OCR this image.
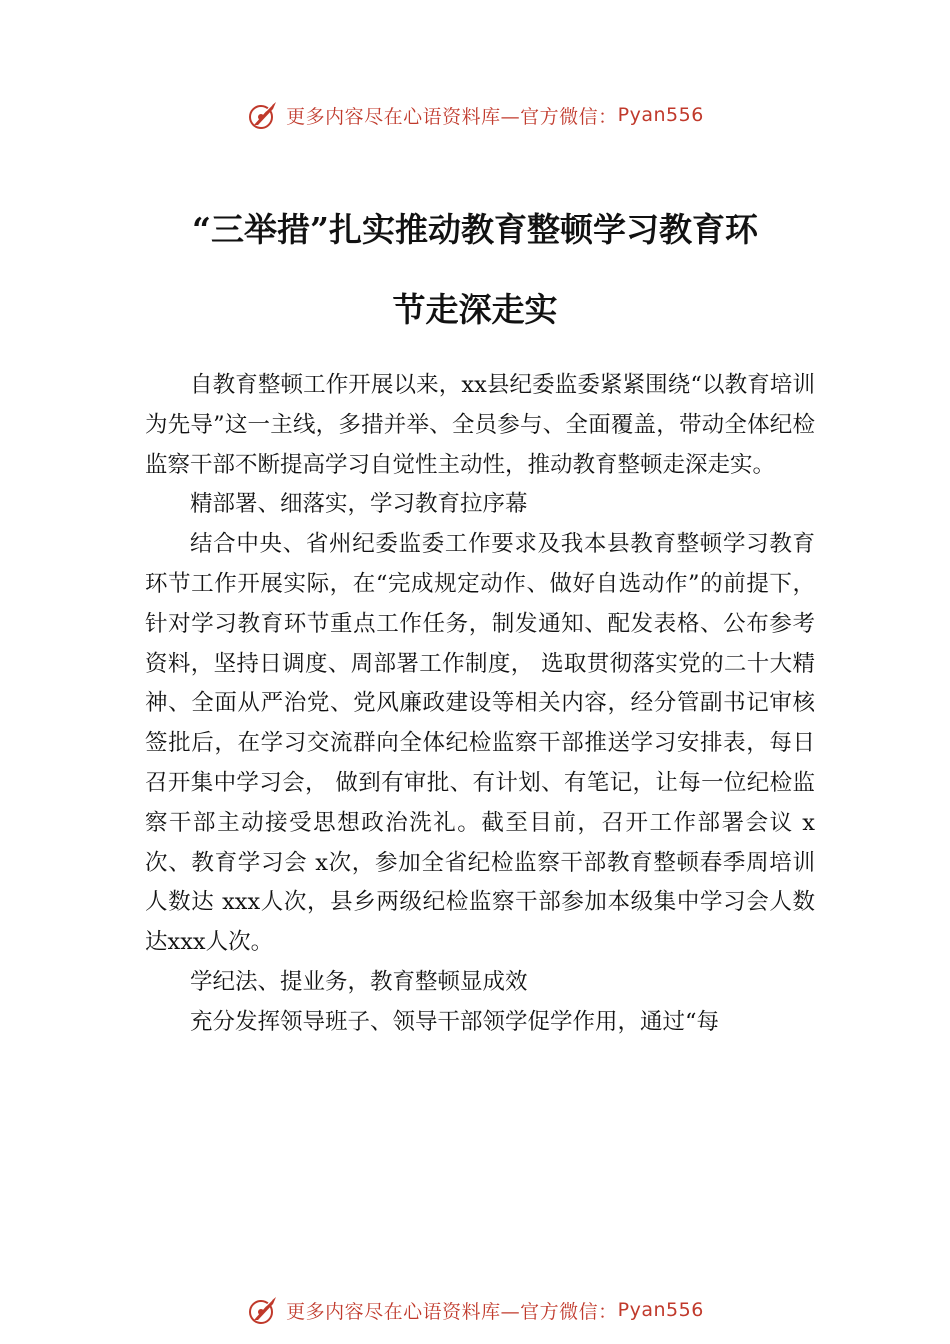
更多内容尽在心语资料库—官方微信： Pyan556
“三举措”扎实推动教育整顿学习教育环
节走深走实

自教育整顿工作开展以来，xx县纪委监委紧紧围绕“以教育培训为先导”这一主线，多措并举、全员参与、全面覆盖，带动全体纪检监察干部不断提高学习自觉性主动性，推动教育整顿走深走实。

精部署、细落实，学习教育拉序幕

结合中央、省州纪委监委工作要求及我本县教育整顿学习教育环节工作开展实际，在“完成规定动作、做好自选动作”的前提下，针对学习教育环节重点工作任务，制发通知、配发表格、公布参考资料，坚持日调度、周部署工作制度， 选取贯彻落实党的二十大精神、全面从严治党、党风廉政建设等相关内容，经分管副书记审核签批后，在学习交流群向全体纪检监察干部推送学习安排表，每日召开集中学习会， 做到有审批、有计划、有笔记，让每一位纪检监察干部主动接受思想政治洗礼。截至目前，召开工作部署会议 x次、教育学习会 x次，参加全省纪检监察干部教育整顿春季周培训人数达 xxx人次，县乡两级纪检监察干部参加本级集中学习会人数达xxx人次。

学纪法、提业务，教育整顿显成效

充分发挥领导班子、领导干部领学促学作用，通过“每

更多内容尽在心语资料库—官方微信： Pyan556
